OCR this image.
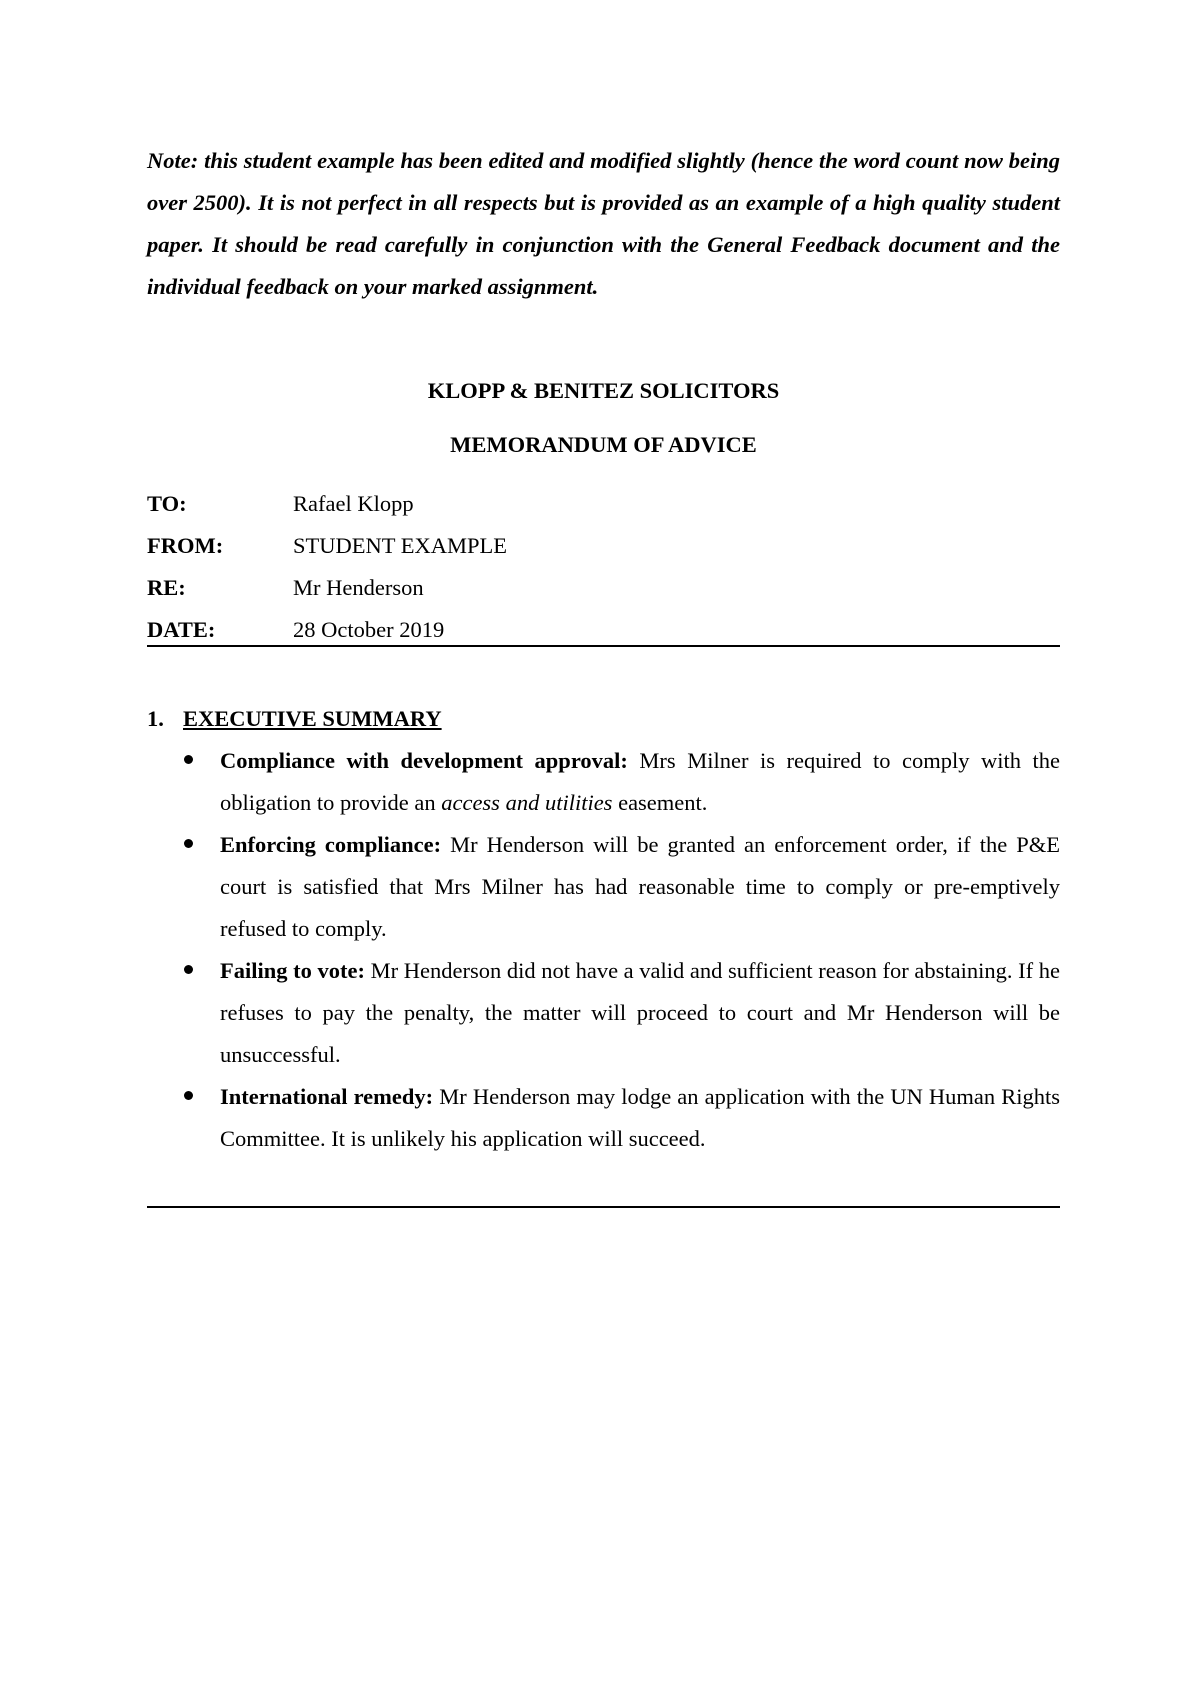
Note: this student example has been edited and modified slightly (hence the word count now being over 2500). It is not perfect in all respects but is provided as an example of a high quality student paper. It should be read carefully in conjunction with the General Feedback document and the individual feedback on your marked assignment.

KLOPP & BENITEZ SOLICITORS
MEMORANDUM OF ADVICE
TO:	Rafael Klopp
FROM:	STUDENT EXAMPLE
RE:	Mr Henderson
DATE:	28 October 2019
1. EXECUTIVE SUMMARY
Compliance with development approval: Mrs Milner is required to comply with the obligation to provide an access and utilities easement.
Enforcing compliance: Mr Henderson will be granted an enforcement order, if the P&E court is satisfied that Mrs Milner has had reasonable time to comply or pre-emptively refused to comply.
Failing to vote: Mr Henderson did not have a valid and sufficient reason for abstaining. If he refuses to pay the penalty, the matter will proceed to court and Mr Henderson will be unsuccessful.
International remedy: Mr Henderson may lodge an application with the UN Human Rights Committee. It is unlikely his application will succeed.
